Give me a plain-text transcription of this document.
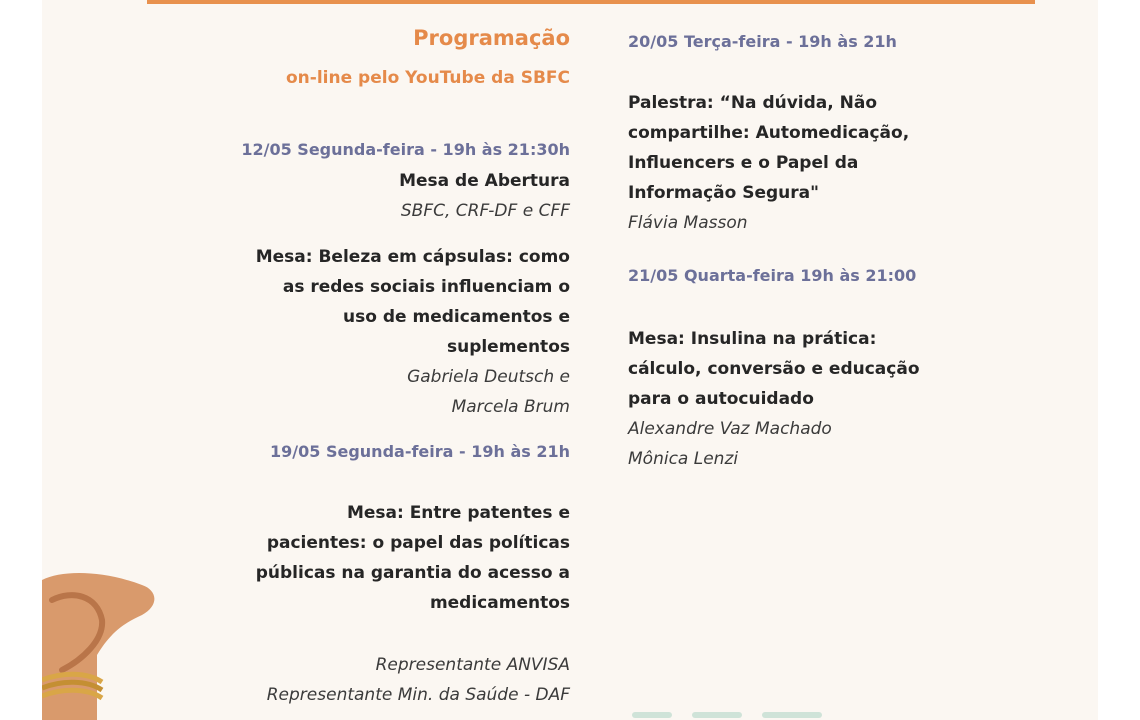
Programação
on-line pelo YouTube da SBFC
12/05 Segunda-feira - 19h às 21:30h
Mesa de Abertura
SBFC, CRF-DF e CFF
Mesa: Beleza em cápsulas: como
as redes sociais influenciam o
uso de medicamentos e
suplementos
Gabriela Deutsch e
Marcela Brum
19/05 Segunda-feira - 19h às 21h
Mesa: Entre patentes e
pacientes: o papel das políticas
públicas na garantia do acesso a
medicamentos
Representante ANVISA
Representante Min. da Saúde - DAF
20/05 Terça-feira - 19h às 21h
Palestra: “Na dúvida, Não
compartilhe: Automedicação,
Influencers e o Papel da
Informação Segura"
Flávia Masson
21/05 Quarta-feira 19h às 21:00
Mesa: Insulina na prática:
cálculo, conversão e educação
para o autocuidado
Alexandre Vaz Machado
Mônica Lenzi
